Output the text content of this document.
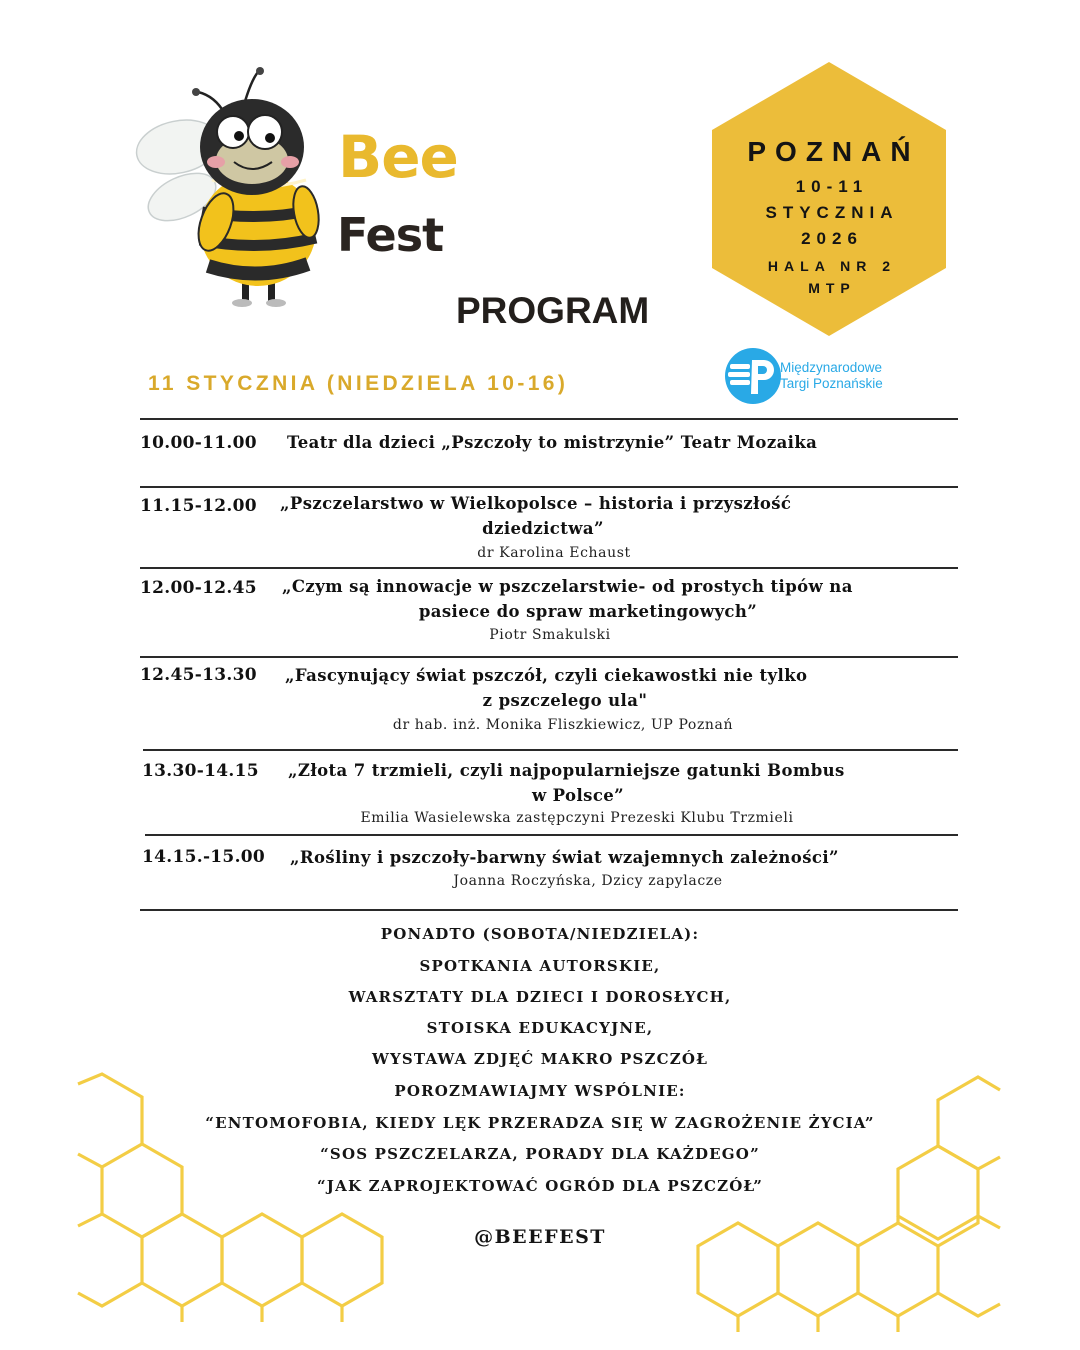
Bee
Fest
PROGRAM
POZNAŃ
10-11
STYCZNIA
2026
HALA NR 2
MTP
Międzynarodowe
Targi Poznańskie
11 STYCZNIA (NIEDZIELA 10-16)
10.00-11.00 Teatr dla dzieci „Pszczoły to mistrzynie” Teatr Mozaika
11.15-12.00 „Pszczelarstwo w Wielkopolsce – historia i przyszłość
dziedzictwa”
dr Karolina Echaust
12.00-12.45 „Czym są innowacje w pszczelarstwie- od prostych tipów na
pasiece do spraw marketingowych”
Piotr Smakulski
12.45-13.30 „Fascynujący świat pszczół, czyli ciekawostki nie tylko
z pszczelego ula"
dr hab. inż. Monika Fliszkiewicz, UP Poznań
13.30-14.15 „Złota 7 trzmieli, czyli najpopularniejsze gatunki Bombus
w Polsce”
Emilia Wasielewska zastępczyni Prezeski Klubu Trzmieli
14.15.-15.00 „Rośliny i pszczoły-barwny świat wzajemnych zależności”
Joanna Roczyńska, Dzicy zapylacze
PONADTO (SOBOTA/NIEDZIELA):
SPOTKANIA AUTORSKIE,
WARSZTATY DLA DZIECI I DOROSŁYCH,
STOISKA EDUKACYJNE,
WYSTAWA ZDJĘĆ MAKRO PSZCZÓŁ
POROZMAWIAJMY WSPÓLNIE:
“ENTOMOFOBIA, KIEDY LĘK PRZERADZA SIĘ W ZAGROŻENIE ŻYCIA”
“SOS PSZCZELARZA, PORADY DLA KAŻDEGO”
“JAK ZAPROJEKTOWAĆ OGRÓD DLA PSZCZÓŁ”
@BEEFEST
